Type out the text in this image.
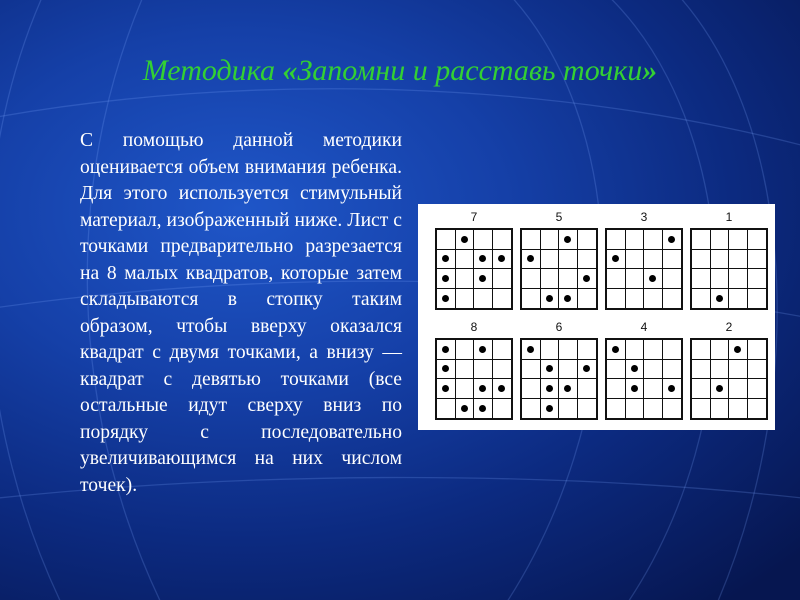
Методика «Запомни и расставь точки»

С помощью данной методики оценивается объем внимания ребенка. Для этого используется стимульный материал, изображенный ниже. Лист с точками предварительно разрезается на 8 малых квадратов, которые затем складываются в стопку таким образом, чтобы вверху оказался квадрат с двумя точками, а внизу — квадрат с девятью точками (все остальные идут сверху вниз по порядку с последовательно увеличивающимся на них числом точек).

7	5	3	1
8	6	4	2
